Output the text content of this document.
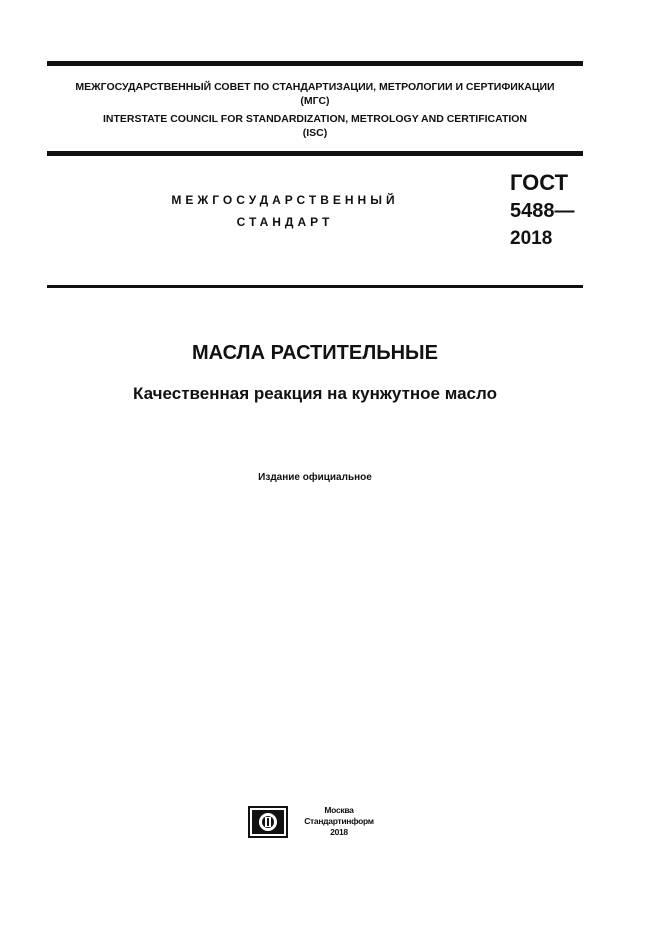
МЕЖГОСУДАРСТВЕННЫЙ СОВЕТ ПО СТАНДАРТИЗАЦИИ, МЕТРОЛОГИИ И СЕРТИФИКАЦИИ
(МГС)
INTERSTATE COUNCIL FOR STANDARDIZATION, METROLOGY AND CERTIFICATION
(ISC)
МЕЖГОСУДАРСТВЕННЫЙ
СТАНДАРТ
ГОСТ
5488—
2018
МАСЛА РАСТИТЕЛЬНЫЕ
Качественная реакция на кунжутное масло
Издание официальное
Москва
Стандартинформ
2018
